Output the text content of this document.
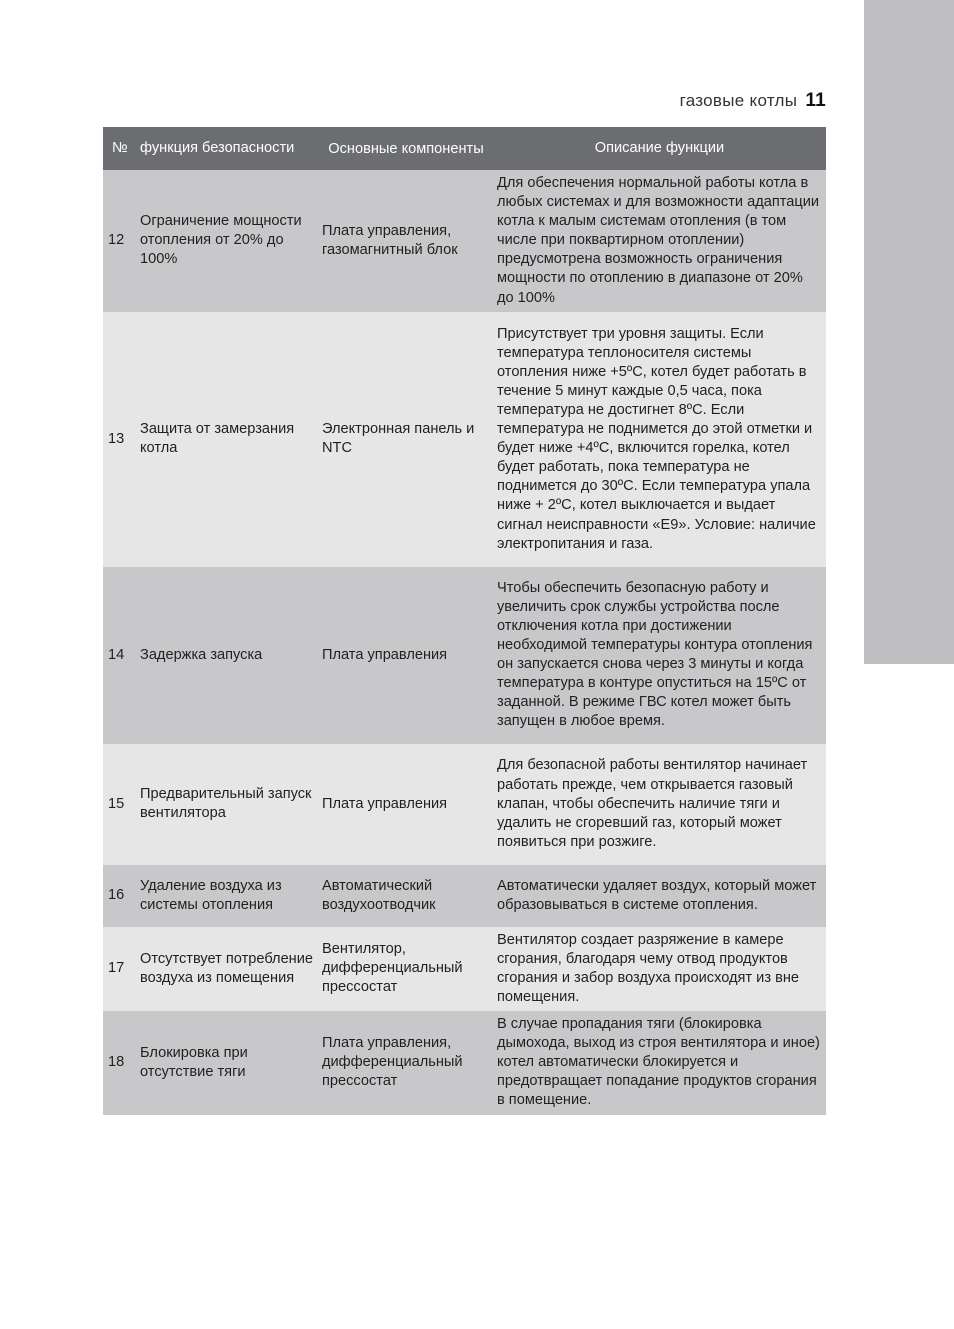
газовые котлы 11
№	функция безопасности	Основные компоненты	Описание функции
12	Ограничение мощности отопления от 20% до 100%	Плата управления, газомагнитный блок	Для обеспечения нормальной работы котла в любых системах и для возможности адаптации котла к малым системам отопления (в том числе при поквартирном отоплении) предусмотрена возможность ограничения мощности по отоплению в диапазоне от 20% до 100%
13	Защита от замерзания котла	Электронная панель и NTC	Присутствует три уровня защиты. Если температура теплоносителя системы отопления ниже +5ºС, котел будет работать в течение 5 минут каждые 0,5 часа, пока температура не достигнет 8ºС. Если температура не поднимется до этой отметки и будет ниже +4ºС, включится горелка, котел будет работать, пока температура не поднимется до 30ºС. Если температура упала ниже + 2ºС, котел выключается и выдает сигнал неисправности «E9». Условие: наличие электропитания и газа.
14	Задержка запуска	Плата управления	Чтобы обеспечить безопасную работу и увеличить срок службы устройства после отключения котла при достижении необходимой температуры контура отопления он запускается снова через 3 минуты и когда температура в контуре опуститься на 15ºС от заданной. В режиме ГВС котел может быть запущен в любое время.
15	Предварительный запуск вентилятора	Плата управления	Для безопасной работы вентилятор начинает работать прежде, чем открывается газовый клапан, чтобы обеспечить наличие тяги и удалить не сгоревший газ, который может появиться при розжиге.
16	Удаление воздуха из системы отопления	Автоматический воздухоотводчик	Автоматически удаляет воздух, который может образовываться в системе отопления.
17	Отсутствует потребление воздуха из помещения	Вентилятор, дифференциальный прессостат	Вентилятор создает разряжение в камере сгорания, благодаря чему отвод продуктов сгорания и забор воздуха происходят из вне помещения.
18	Блокировка при отсутствие тяги	Плата управления, дифференциальный прессостат	В случае пропадания тяги (блокировка дымохода, выход из строя вентилятора и иное) котел автоматически блокируется и предотвращает попадание продуктов сгорания в помещение.
